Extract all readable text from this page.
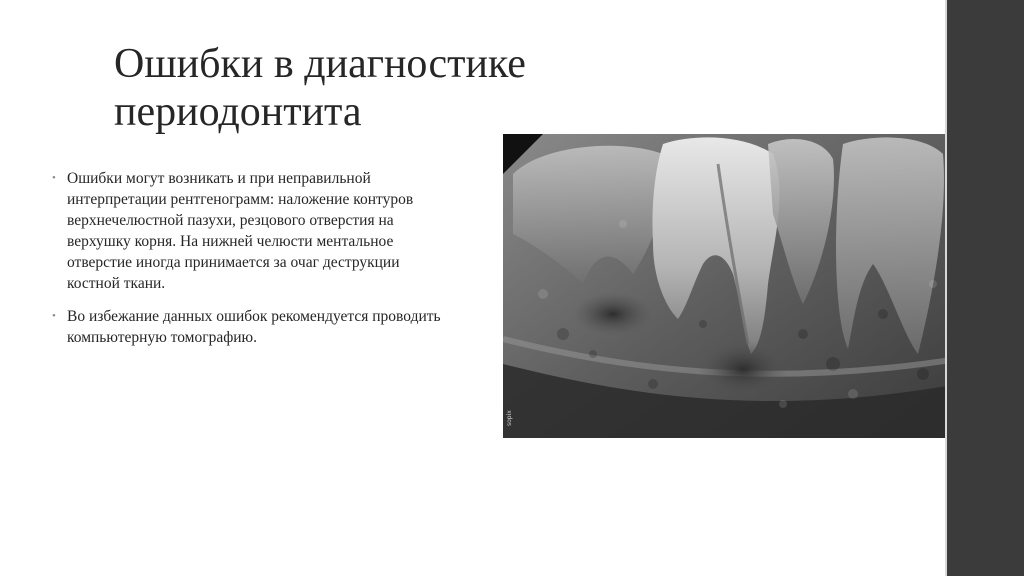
Ошибки в диагностике периодонтита
• Ошибки могут возникать и при неправильной интерпретации рентгенограмм: наложение контуров верхнечелюстной пазухи, резцового отверстия на верхушку корня. На нижней челюсти ментальное отверстие иногда принимается за очаг деструкции костной ткани.
• Во избежание данных ошибок рекомендуется проводить компьютерную томографию.
sopix
